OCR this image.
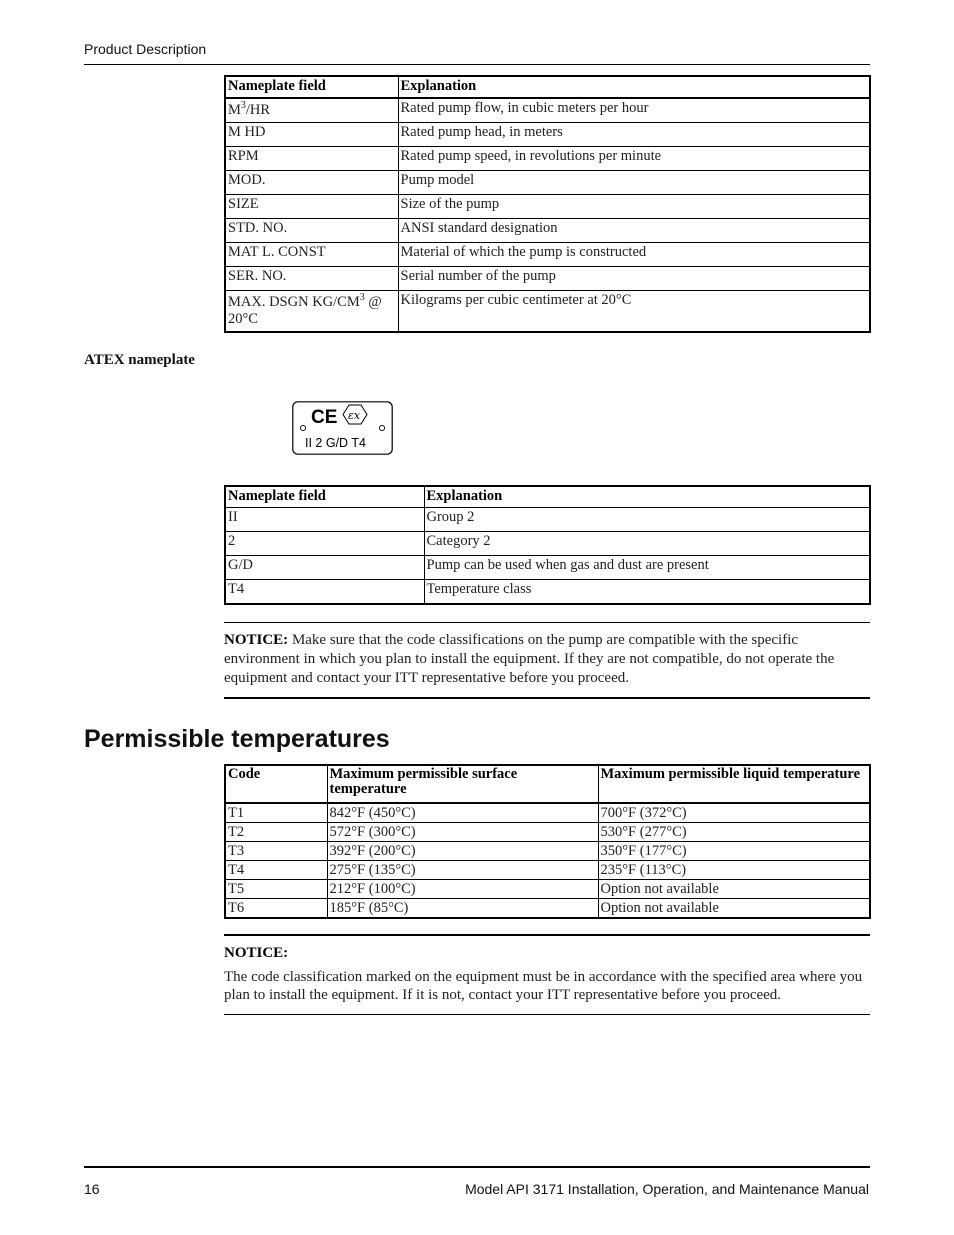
Product Description
Nameplate field	Explanation
$M^3/HR$	Rated pump flow, in cubic meters per hour
M HD	Rated pump head, in meters
RPM	Rated pump speed, in revolutions per minute
MOD.	Pump model
SIZE	Size of the pump
STD. NO.	ANSI standard designation
MAT L. CONST	Material of which the pump is constructed
SER. NO.	Serial number of the pump
MAX. DSGN $KG/CM^3$ @ 20°C	Kilograms per cubic centimeter at 20°C
ATEX nameplate
CE εx
II 2 G/D T4
Nameplate field	Explanation
II	Group 2
2	Category 2
G/D	Pump can be used when gas and dust are present
T4	Temperature class
NOTICE: Make sure that the code classifications on the pump are compatible with the specific environment in which you plan to install the equipment. If they are not compatible, do not operate the equipment and contact your ITT representative before you proceed.
Permissible temperatures
Code	Maximum permissible surface temperature	Maximum permissible liquid temperature
T1	842°F (450°C)	700°F (372°C)
T2	572°F (300°C)	530°F (277°C)
T3	392°F (200°C)	350°F (177°C)
T4	275°F (135°C)	235°F (113°C)
T5	212°F (100°C)	Option not available
T6	185°F (85°C)	Option not available
NOTICE:
The code classification marked on the equipment must be in accordance with the specified area where you plan to install the equipment. If it is not, contact your ITT representative before you proceed.
16	Model API 3171 Installation, Operation, and Maintenance Manual
